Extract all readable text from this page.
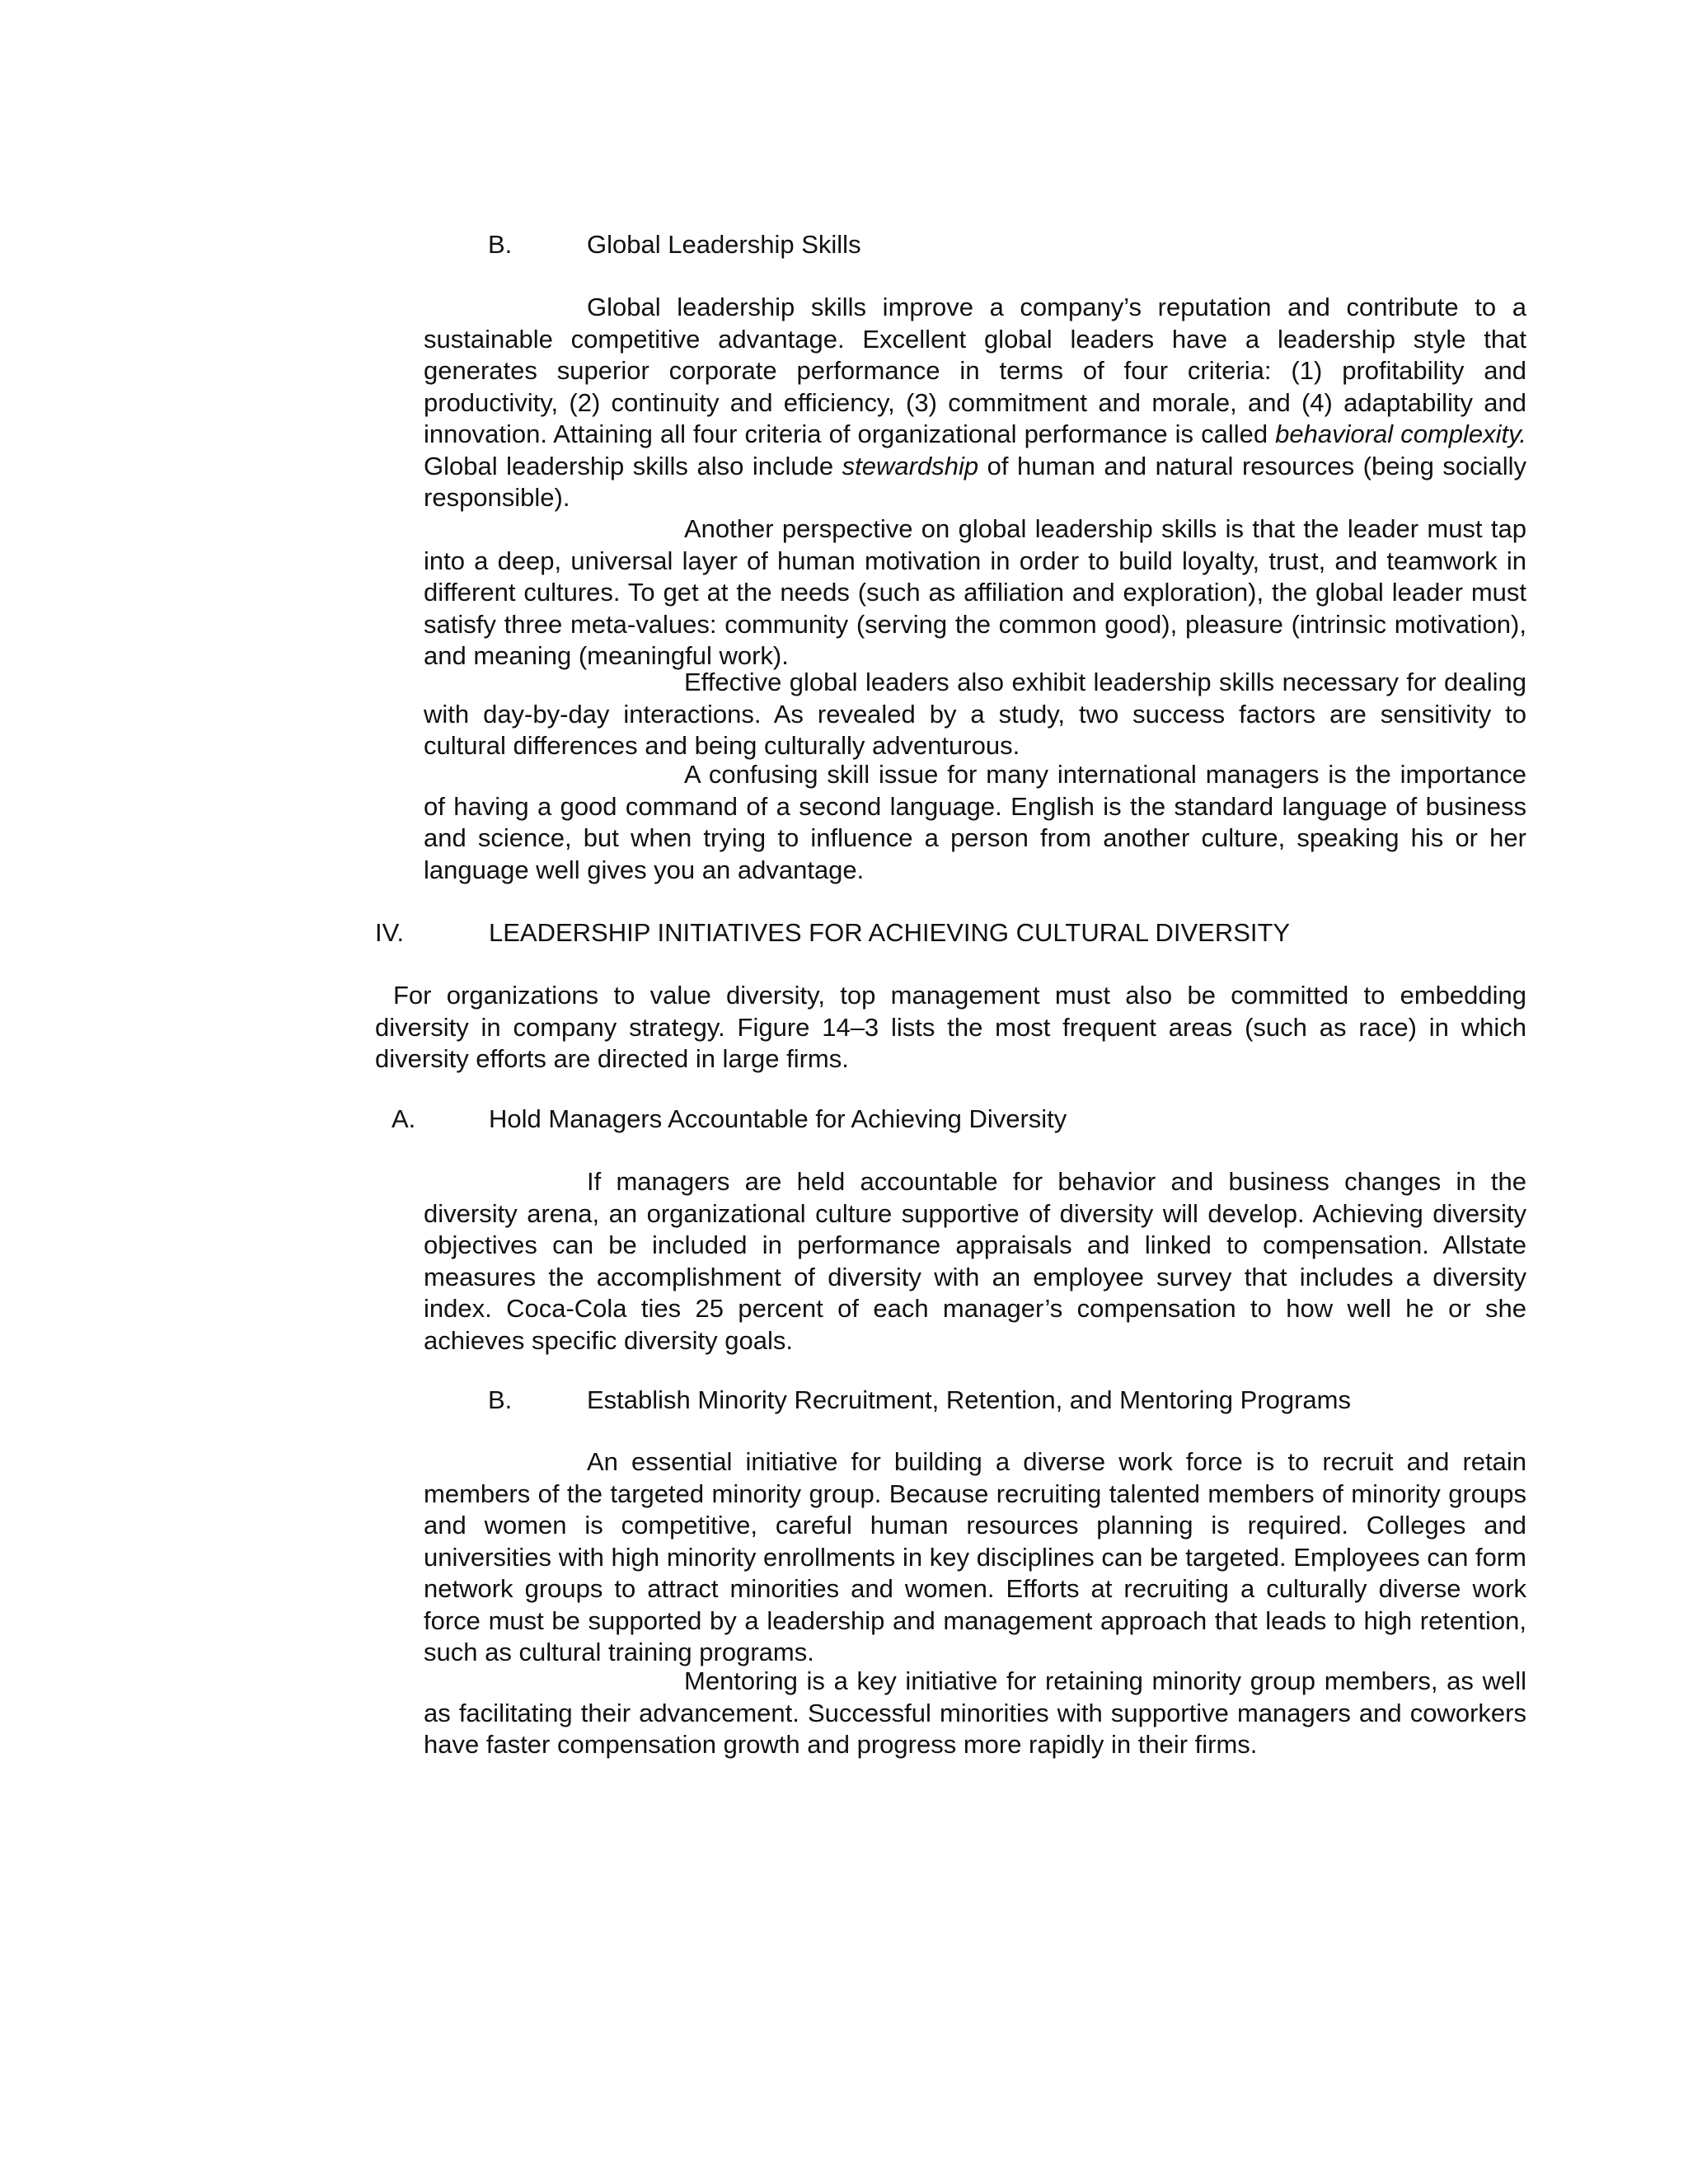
B.	Global Leadership Skills

Global leadership skills improve a company’s reputation and contribute to a sustainable competitive advantage. Excellent global leaders have a leadership style that generates superior corporate performance in terms of four criteria: (1) profitability and productivity, (2) continuity and efficiency, (3) commitment and morale, and (4) adaptability and innovation. Attaining all four criteria of organizational performance is called behavioral complexity. Global leadership skills also include stewardship of human and natural resources (being socially responsible).

Another perspective on global leadership skills is that the leader must tap into a deep, universal layer of human motivation in order to build loyalty, trust, and teamwork in different cultures. To get at the needs (such as affiliation and exploration), the global leader must satisfy three meta-values: community (serving the common good), pleasure (intrinsic motivation), and meaning (meaningful work).

Effective global leaders also exhibit leadership skills necessary for dealing with day-by-day interactions. As revealed by a study, two success factors are sensitivity to cultural differences and being culturally adventurous.

A confusing skill issue for many international managers is the importance of having a good command of a second language. English is the standard language of business and science, but when trying to influence a person from another culture, speaking his or her language well gives you an advantage.

IV.	LEADERSHIP INITIATIVES FOR ACHIEVING CULTURAL DIVERSITY

For organizations to value diversity, top management must also be committed to embedding diversity in company strategy. Figure 14–3 lists the most frequent areas (such as race) in which diversity efforts are directed in large firms.

A.	Hold Managers Accountable for Achieving Diversity

If managers are held accountable for behavior and business changes in the diversity arena, an organizational culture supportive of diversity will develop. Achieving diversity objectives can be included in performance appraisals and linked to compensation. Allstate measures the accomplishment of diversity with an employee survey that includes a diversity index. Coca-Cola ties 25 percent of each manager’s compensation to how well he or she achieves specific diversity goals.

B.	Establish Minority Recruitment, Retention, and Mentoring Programs

An essential initiative for building a diverse work force is to recruit and retain members of the targeted minority group. Because recruiting talented members of minority groups and women is competitive, careful human resources planning is required. Colleges and universities with high minority enrollments in key disciplines can be targeted. Employees can form network groups to attract minorities and women. Efforts at recruiting a culturally diverse work force must be supported by a leadership and management approach that leads to high retention, such as cultural training programs.

Mentoring is a key initiative for retaining minority group members, as well as facilitating their advancement. Successful minorities with supportive managers and coworkers have faster compensation growth and progress more rapidly in their firms.
